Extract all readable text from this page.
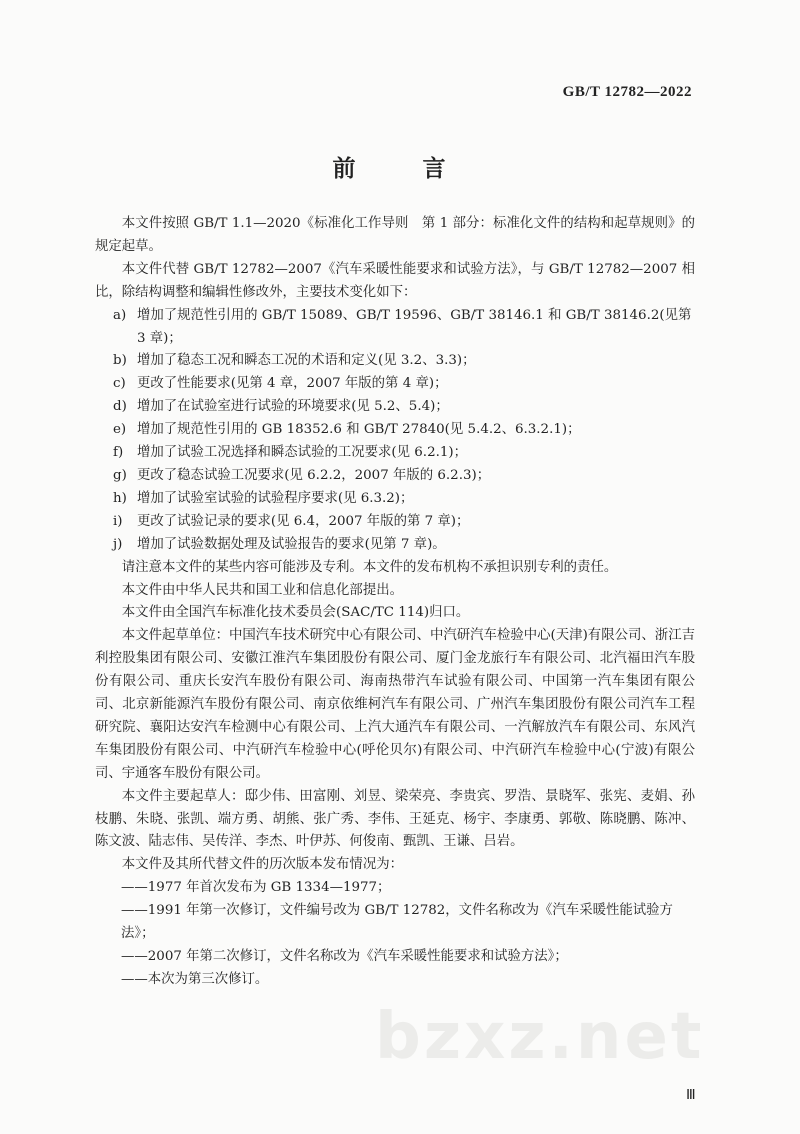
GB/T 12782—2022
前　言

本文件按照 GB/T 1.1—2020《标准化工作导则　第 1 部分：标准化文件的结构和起草规则》的规定起草。

本文件代替 GB/T 12782—2007《汽车采暖性能要求和试验方法》，与 GB/T 12782—2007 相比，除结构调整和编辑性修改外，主要技术变化如下：

a) 增加了规范性引用的 GB/T 15089、GB/T 19596、GB/T 38146.1 和 GB/T 38146.2(见第 3 章)；
b) 增加了稳态工况和瞬态工况的术语和定义(见 3.2、3.3)；
c) 更改了性能要求(见第 4 章，2007 年版的第 4 章)；
d) 增加了在试验室进行试验的环境要求(见 5.2、5.4)；
e) 增加了规范性引用的 GB 18352.6 和 GB/T 27840(见 5.4.2、6.3.2.1)；
f) 增加了试验工况选择和瞬态试验的工况要求(见 6.2.1)；
g) 更改了稳态试验工况要求(见 6.2.2，2007 年版的 6.2.3)；
h) 增加了试验室试验的试验程序要求(见 6.3.2)；
i) 更改了试验记录的要求(见 6.4，2007 年版的第 7 章)；
j) 增加了试验数据处理及试验报告的要求(见第 7 章)。

请注意本文件的某些内容可能涉及专利。本文件的发布机构不承担识别专利的责任。

本文件由中华人民共和国工业和信息化部提出。

本文件由全国汽车标准化技术委员会(SAC/TC 114)归口。

本文件起草单位：中国汽车技术研究中心有限公司、中汽研汽车检验中心(天津)有限公司、浙江吉利控股集团有限公司、安徽江淮汽车集团股份有限公司、厦门金龙旅行车有限公司、北汽福田汽车股份有限公司、重庆长安汽车股份有限公司、海南热带汽车试验有限公司、中国第一汽车集团有限公司、北京新能源汽车股份有限公司、南京依维柯汽车有限公司、广州汽车集团股份有限公司汽车工程研究院、襄阳达安汽车检测中心有限公司、上汽大通汽车有限公司、一汽解放汽车有限公司、东风汽车集团股份有限公司、中汽研汽车检验中心(呼伦贝尔)有限公司、中汽研汽车检验中心(宁波)有限公司、宇通客车股份有限公司。

本文件主要起草人：邸少伟、田富刚、刘昱、梁荣亮、李贵宾、罗浩、景晓军、张宪、麦娟、孙枝鹏、朱晓、张凯、端方勇、胡熊、张广秀、李伟、王延克、杨宇、李康勇、郭敬、陈晓鹏、陈冲、陈文波、陆志伟、吴传洋、李杰、叶伊苏、何俊南、甄凯、王谦、吕岩。

本文件及其所代替文件的历次版本发布情况为：

——1977 年首次发布为 GB 1334—1977；

——1991 年第一次修订，文件编号改为 GB/T 12782，文件名称改为《汽车采暖性能试验方法》；

——2007 年第二次修订，文件名称改为《汽车采暖性能要求和试验方法》；

——本次为第三次修订。

bzxz.net
Ⅲ
